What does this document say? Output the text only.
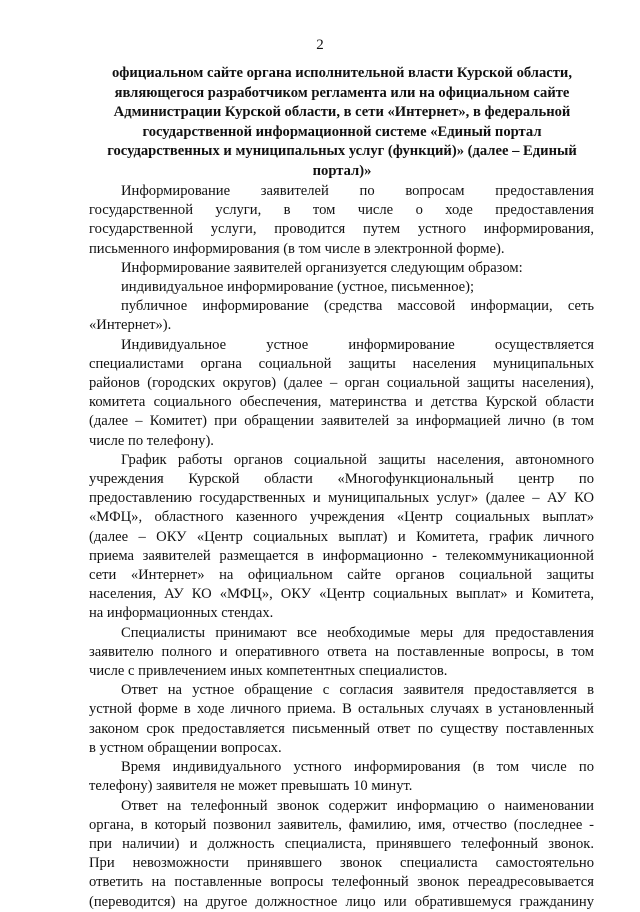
2
официальном сайте органа исполнительной власти Курской области,
являющегося разработчиком регламента или на официальном сайте
Администрации Курской области, в сети «Интернет», в федеральной
государственной информационной системе «Единый портал
государственных и муниципальных услуг (функций)» (далее – Единый
портал)»
Информирование заявителей по вопросам предоставления
государственной услуги, в том числе о ходе предоставления
государственной услуги, проводится путем устного информирования,
письменного информирования (в том числе в электронной форме).
Информирование заявителей организуется следующим образом:
индивидуальное информирование (устное, письменное);
публичное информирование (средства массовой информации, сеть
«Интернет»).
Индивидуальное устное информирование осуществляется
специалистами органа социальной защиты населения муниципальных
районов (городских округов) (далее – орган социальной защиты населения),
комитета социального обеспечения, материнства и детства Курской области
(далее – Комитет) при обращении заявителей за информацией лично (в том
числе по телефону).
График работы органов социальной защиты населения, автономного
учреждения Курской области «Многофункциональный центр по
предоставлению государственных и муниципальных услуг» (далее – АУ КО
«МФЦ», областного казенного учреждения «Центр социальных выплат»
(далее – ОКУ «Центр социальных выплат) и Комитета, график личного
приема заявителей размещается в информационно - телекоммуникационной
сети «Интернет» на официальном сайте органов социальной защиты
населения, АУ КО «МФЦ», ОКУ «Центр социальных выплат» и Комитета,
на информационных стендах.
Специалисты принимают все необходимые меры для предоставления
заявителю полного и оперативного ответа на поставленные вопросы, в том
числе с привлечением иных компетентных специалистов.
Ответ на устное обращение с согласия заявителя предоставляется в
устной форме в ходе личного приема. В остальных случаях в установленный
законом срок предоставляется письменный ответ по существу поставленных
в устном обращении вопросах.
Время индивидуального устного информирования (в том числе по
телефону) заявителя не может превышать 10 минут.
Ответ на телефонный звонок содержит информацию о наименовании
органа, в который позвонил заявитель, фамилию, имя, отчество (последнее -
при наличии) и должность специалиста, принявшего телефонный звонок.
При невозможности принявшего звонок специалиста самостоятельно
ответить на поставленные вопросы телефонный звонок переадресовывается
(переводится) на другое должностное лицо или обратившемуся гражданину
